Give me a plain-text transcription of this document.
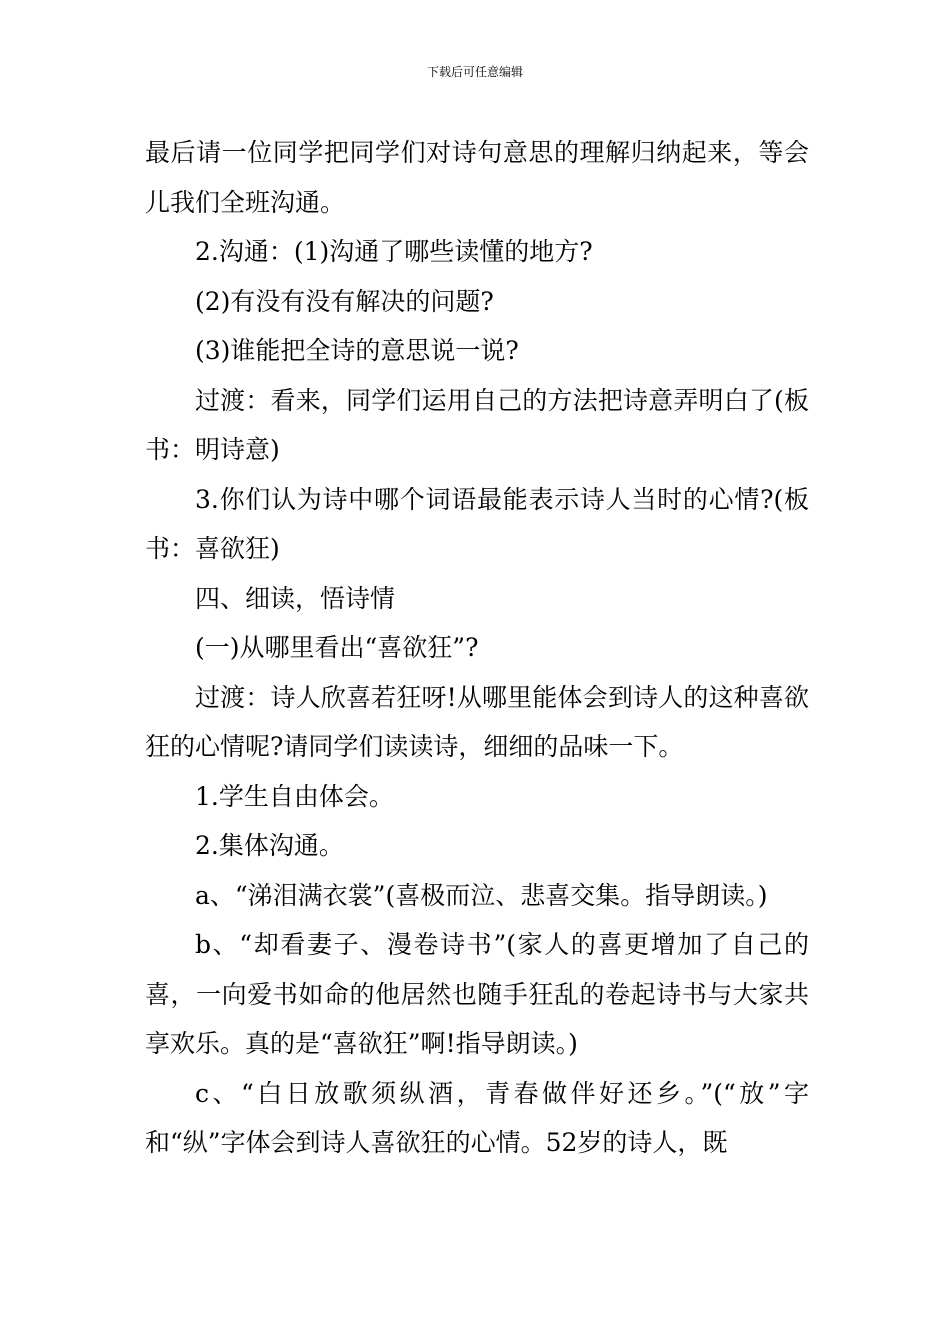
下载后可任意编辑

最后请一位同学把同学们对诗句意思的理解归纳起来，等会儿我们全班沟通。

2.沟通：(1)沟通了哪些读懂的地方?

(2)有没有没有解决的问题?

(3)谁能把全诗的意思说一说?

过渡：看来，同学们运用自己的方法把诗意弄明白了(板书：明诗意)

3.你们认为诗中哪个词语最能表示诗人当时的心情?(板书：喜欲狂)

四、细读，悟诗情

(一)从哪里看出“喜欲狂”?

过渡：诗人欣喜若狂呀!从哪里能体会到诗人的这种喜欲狂的心情呢?请同学们读读诗，细细的品味一下。

1.学生自由体会。

2.集体沟通。

a、“涕泪满衣裳”(喜极而泣、悲喜交集。指导朗读。)

b、“却看妻子、漫卷诗书”(家人的喜更增加了自己的喜，一向爱书如命的他居然也随手狂乱的卷起诗书与大家共享欢乐。真的是“喜欲狂”啊!指导朗读。)

c、“白日放歌须纵酒，青春做伴好还乡。”(“放”字和“纵”字体会到诗人喜欲狂的心情。52岁的诗人，既
